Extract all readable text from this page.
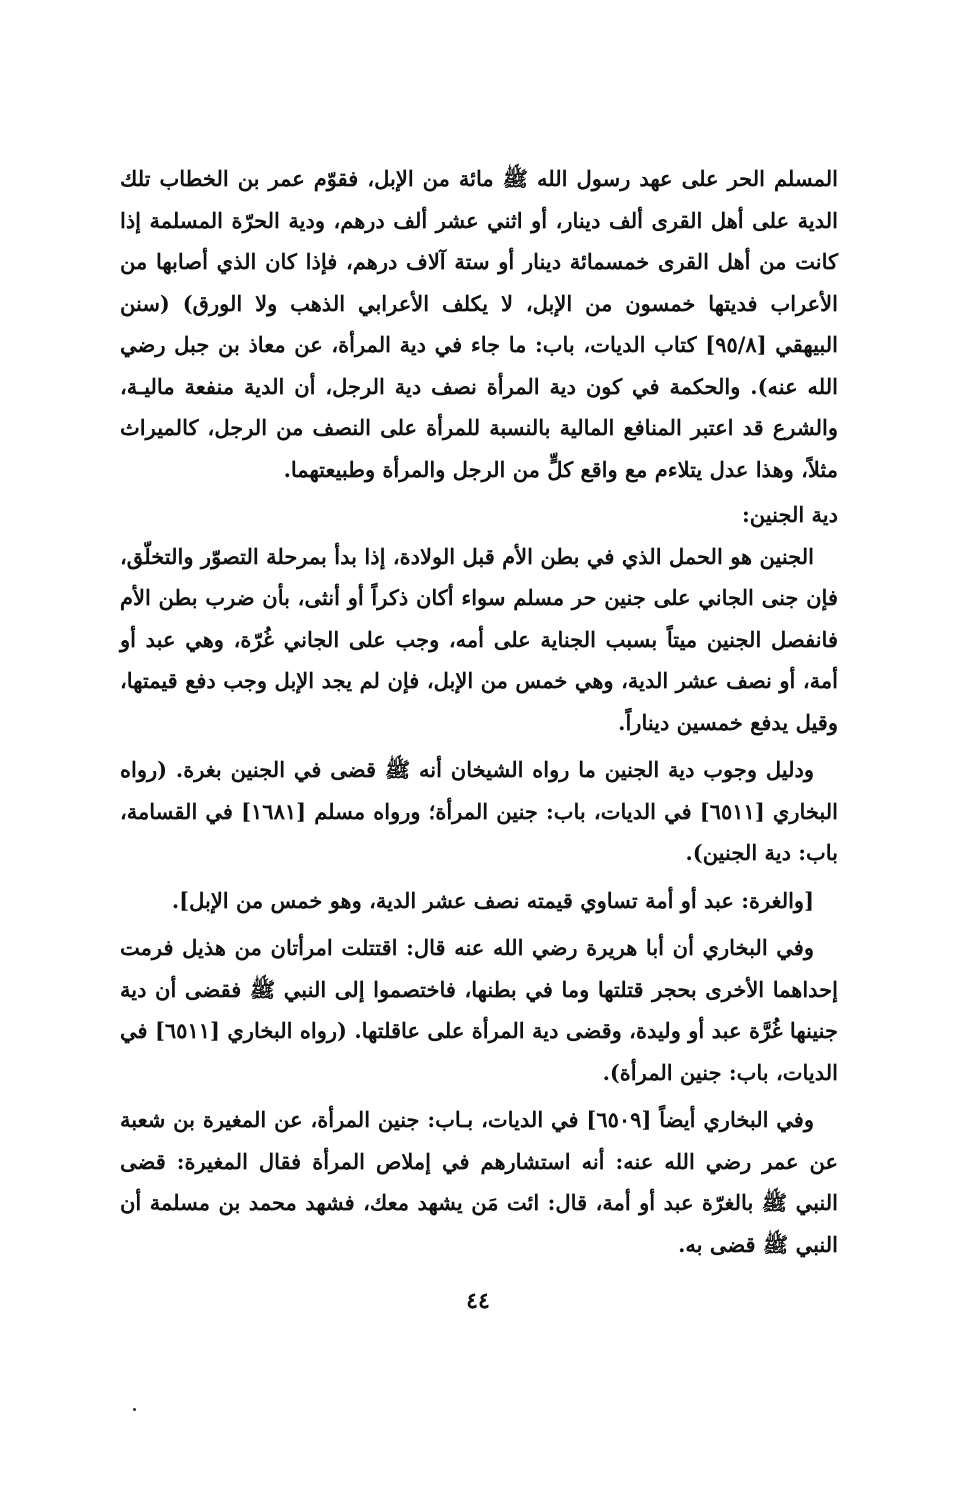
المسلم الحر على عهد رسول الله ﷺ مائة من الإبل، فقوّم عمر بن الخطاب تلك الدية على أهل القرى ألف دينار، أو اثني عشر ألف درهم، ودية الحرّة المسلمة إذا كانت من أهل القرى خمسمائة دينار أو ستة آلاف درهم، فإذا كان الذي أصابها من الأعراب فديتها خمسون من الإبل، لا يكلف الأعرابي الذهب ولا الورق) (سنن البيهقي [٩٥/٨] كتاب الديات، باب: ما جاء في دية المرأة، عن معاذ بن جبل رضي الله عنه). والحكمة في كون دية المرأة نصف دية الرجل، أن الدية منفعة ماليـة، والشرع قد اعتبر المنافع المالية بالنسبة للمرأة على النصف من الرجل، كالميراث مثلاً، وهذا عدل يتلاءم مع واقع كلٍّ من الرجل والمرأة وطبيعتهما.

دية الجنين:

الجنين هو الحمل الذي في بطن الأم قبل الولادة، إذا بدأ بمرحلة التصوّر والتخلّق، فإن جنى الجاني على جنين حر مسلم سواء أكان ذكراً أو أنثى، بأن ضرب بطن الأم فانفصل الجنين ميتاً بسبب الجناية على أمه، وجب على الجاني غُرّة، وهي عبد أو أمة، أو نصف عشر الدية، وهي خمس من الإبل، فإن لم يجد الإبل وجب دفع قيمتها، وقيل يدفع خمسين ديناراً.

ودليل وجوب دية الجنين ما رواه الشيخان أنه ﷺ قضى في الجنين بغرة. (رواه البخاري [٦٥١١] في الديات، باب: جنين المرأة؛ ورواه مسلم [١٦٨١] في القسامة، باب: دية الجنين).

[والغرة: عبد أو أمة تساوي قيمته نصف عشر الدية، وهو خمس من الإبل].

وفي البخاري أن أبا هريرة رضي الله عنه قال: اقتتلت امرأتان من هذيل فرمت إحداهما الأخرى بحجر قتلتها وما في بطنها، فاختصموا إلى النبي ﷺ فقضى أن دية جنينها غُرَّة عبد أو وليدة، وقضى دية المرأة على عاقلتها. (رواه البخاري [٦٥١١] في الديات، باب: جنين المرأة).

وفي البخاري أيضاً [٦٥٠٩] في الديات، بـاب: جنين المرأة، عن المغيرة بن شعبة عن عمر رضي الله عنه: أنه استشارهم في إملاص المرأة فقال المغيرة: قضى النبي ﷺ بالغرّة عبد أو أمة، قال: ائت مَن يشهد معك، فشهد محمد بن مسلمة أن النبي ﷺ قضى به.

٤٤
